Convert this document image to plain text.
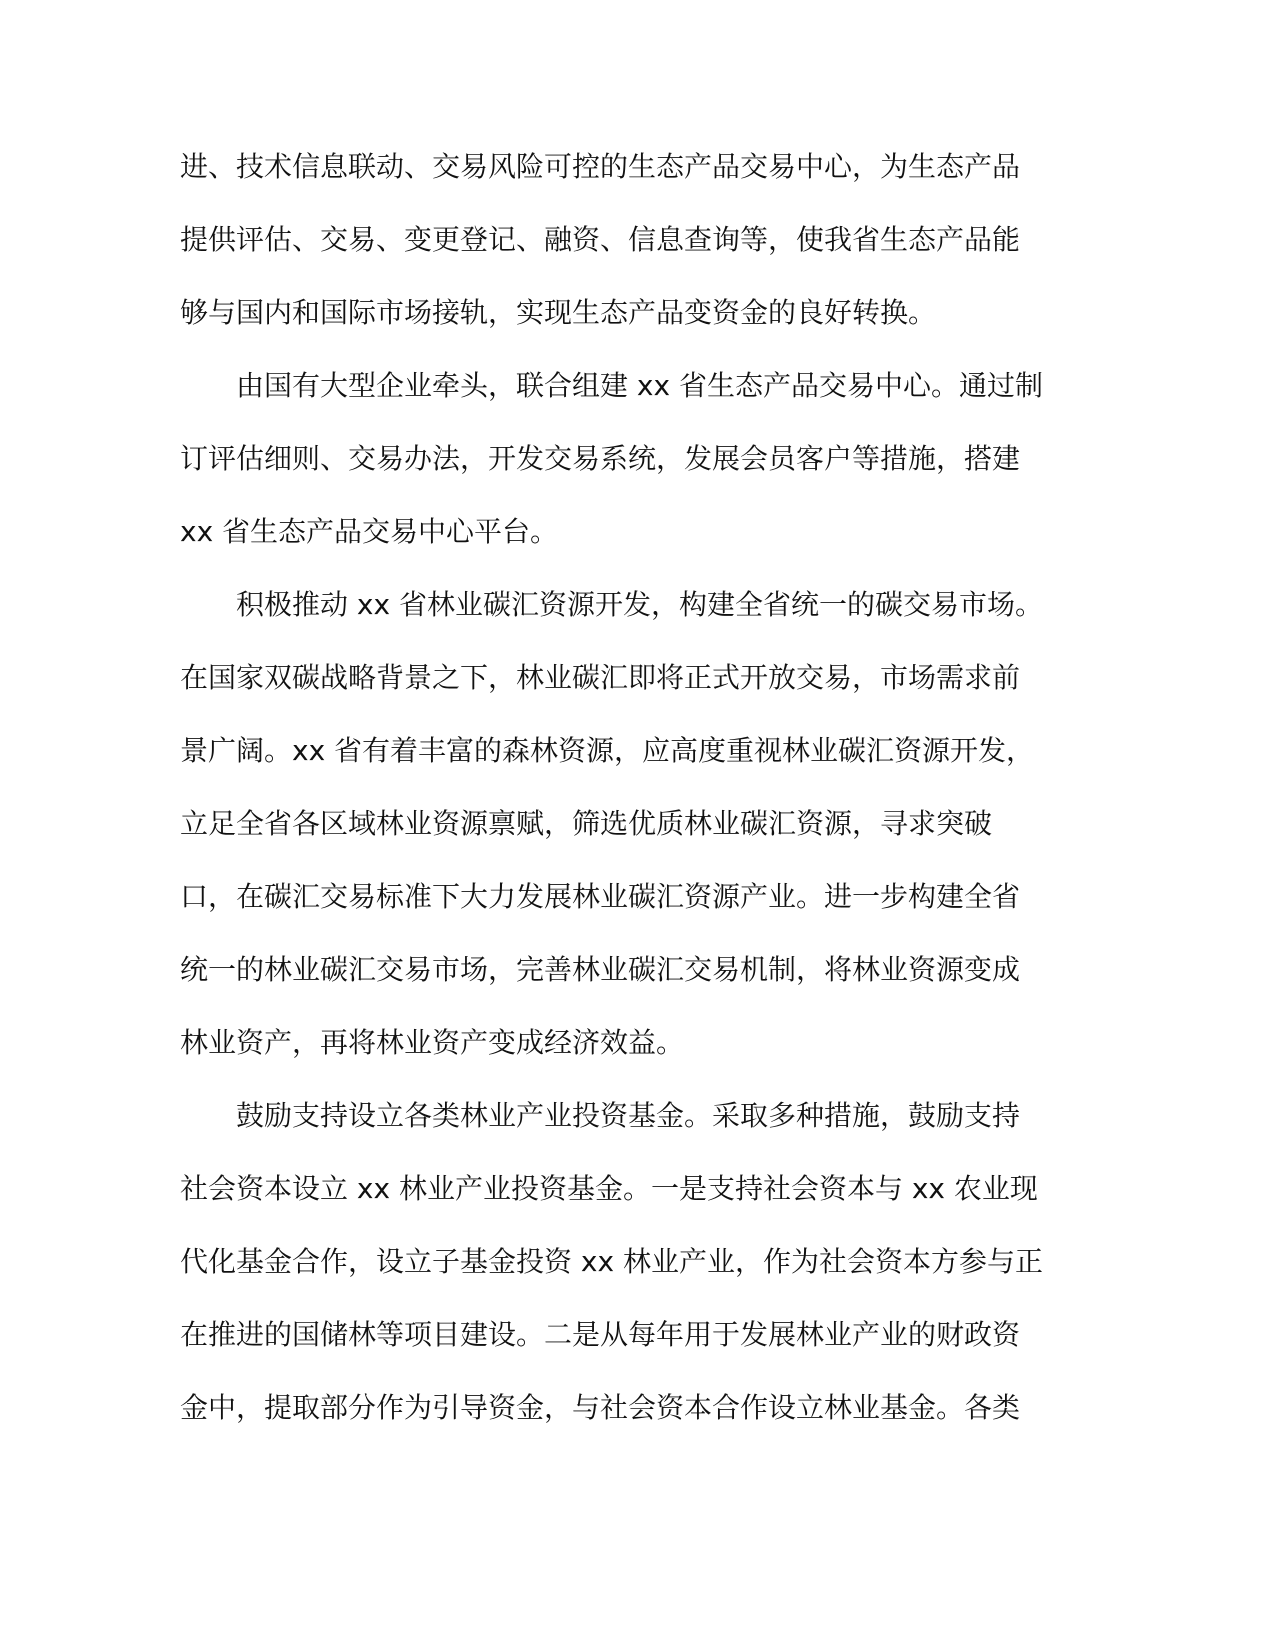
进、技术信息联动、交易风险可控的生态产品交易中心，为生态产品
提供评估、交易、变更登记、融资、信息查询等，使我省生态产品能
够与国内和国际市场接轨，实现生态产品变资金的良好转换。
由国有大型企业牵头，联合组建 xx 省生态产品交易中心。通过制
订评估细则、交易办法，开发交易系统，发展会员客户等措施，搭建
xx 省生态产品交易中心平台。
积极推动 xx 省林业碳汇资源开发，构建全省统一的碳交易市场。
在国家双碳战略背景之下，林业碳汇即将正式开放交易，市场需求前
景广阔。xx 省有着丰富的森林资源，应高度重视林业碳汇资源开发，
立足全省各区域林业资源禀赋，筛选优质林业碳汇资源，寻求突破
口，在碳汇交易标准下大力发展林业碳汇资源产业。进一步构建全省
统一的林业碳汇交易市场，完善林业碳汇交易机制，将林业资源变成
林业资产，再将林业资产变成经济效益。
鼓励支持设立各类林业产业投资基金。采取多种措施，鼓励支持
社会资本设立 xx 林业产业投资基金。一是支持社会资本与 xx 农业现
代化基金合作，设立子基金投资 xx 林业产业，作为社会资本方参与正
在推进的国储林等项目建设。二是从每年用于发展林业产业的财政资
金中，提取部分作为引导资金，与社会资本合作设立林业基金。各类
